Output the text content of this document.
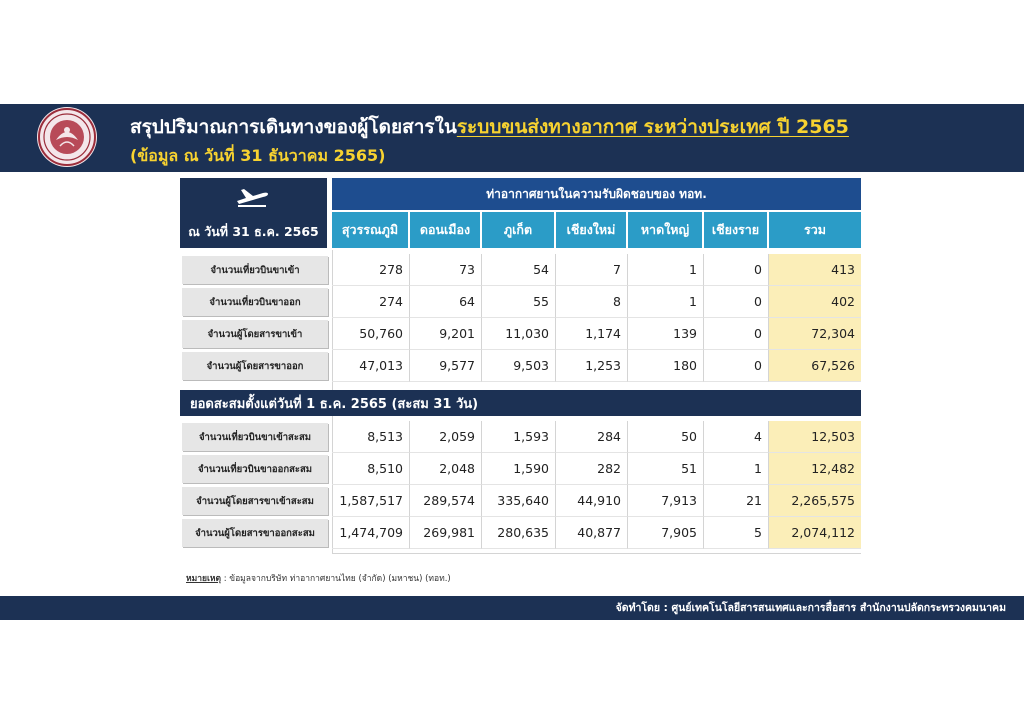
สรุปปริมาณการเดินทางของผู้โดยสารในระบบขนส่งทางอากาศ ระหว่างประเทศ ปี 2565
(ข้อมูล ณ วันที่ 31 ธันวาคม 2565)
ณ วันที่ 31 ธ.ค. 2565
ท่าอากาศยานในความรับผิดชอบของ ทอท.
สุวรรณภูมิ	ดอนเมือง	ภูเก็ต	เชียงใหม่	หาดใหญ่	เชียงราย	รวม
จำนวนเที่ยวบินขาเข้า	278	73	54	7	1	0	413
จำนวนเที่ยวบินขาออก	274	64	55	8	1	0	402
จำนวนผู้โดยสารขาเข้า	50,760	9,201	11,030	1,174	139	0	72,304
จำนวนผู้โดยสารขาออก	47,013	9,577	9,503	1,253	180	0	67,526
ยอดสะสมตั้งแต่วันที่ 1 ธ.ค. 2565 (สะสม 31 วัน)
จำนวนเที่ยวบินขาเข้าสะสม	8,513	2,059	1,593	284	50	4	12,503
จำนวนเที่ยวบินขาออกสะสม	8,510	2,048	1,590	282	51	1	12,482
จำนวนผู้โดยสารขาเข้าสะสม	1,587,517	289,574	335,640	44,910	7,913	21	2,265,575
จำนวนผู้โดยสารขาออกสะสม	1,474,709	269,981	280,635	40,877	7,905	5	2,074,112
หมายเหตุ : ข้อมูลจากบริษัท ท่าอากาศยานไทย (จำกัด) (มหาชน) (ทอท.)
จัดทำโดย : ศูนย์เทคโนโลยีสารสนเทศและการสื่อสาร สำนักงานปลัดกระทรวงคมนาคม
